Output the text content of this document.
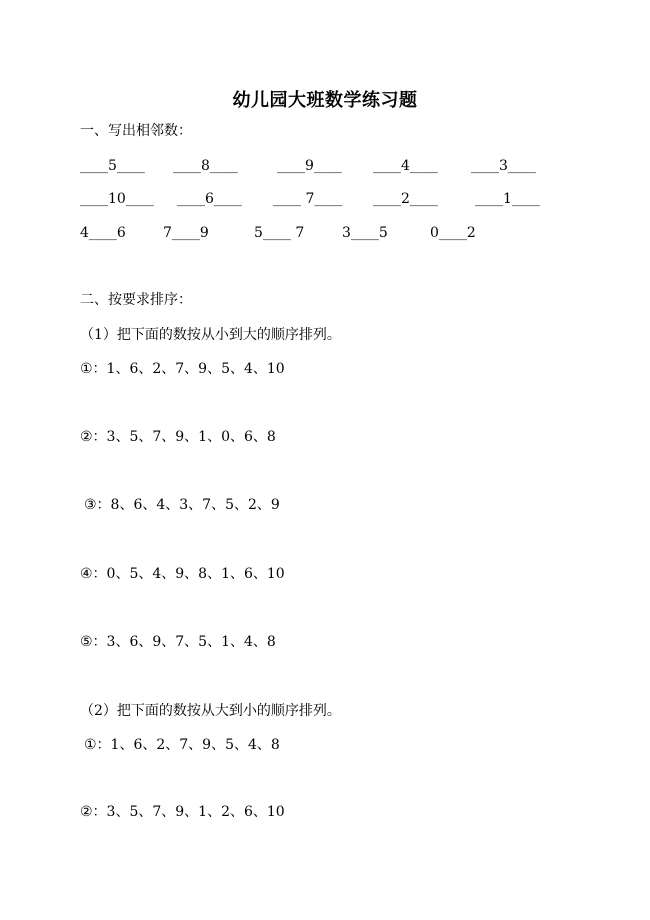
幼儿园大班数学练习题
一、写出相邻数：
____5____ ____8____	____9____ ____4____ ____3____
____10____ ____6____ ____ 7____ ____2____	____1____
4____6	7____9	5____ 7	3____5	0____2
二、按要求排序：
（1）把下面的数按从小到大的顺序排列。
①：1、6、2、7、9、5、4、10
②：3、5、7、9、1、0、6、8
③：8、6、4、3、7、5、2、9
④：0、5、4、9、8、1、6、10
⑤：3、6、9、7、5、1、4、8
（2）把下面的数按从大到小的顺序排列。
①：1、6、2、7、9、5、4、8
②：3、5、7、9、1、2、6、10
